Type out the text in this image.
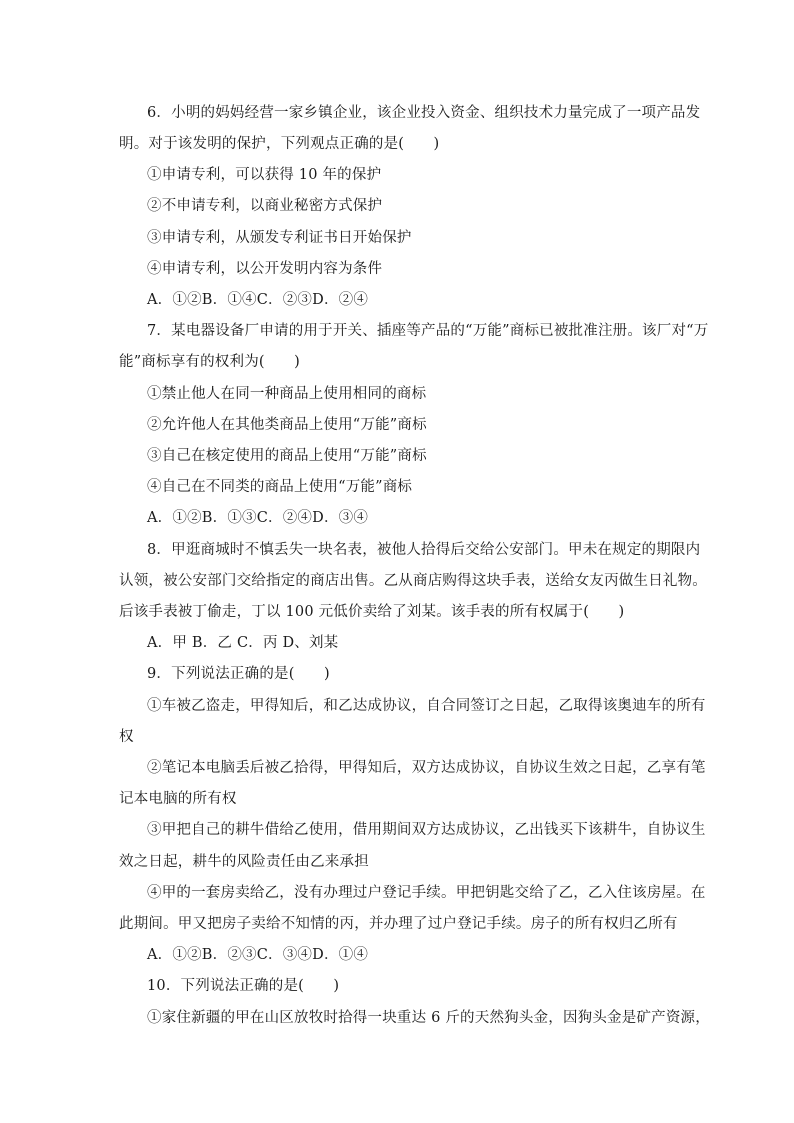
6．小明的妈妈经营一家乡镇企业，该企业投入资金、组织技术力量完成了一项产品发
明。对于该发明的保护，下列观点正确的是(　　)
①申请专利，可以获得 10 年的保护
②不申请专利，以商业秘密方式保护
③申请专利，从颁发专利证书日开始保护
④申请专利，以公开发明内容为条件
A．①②B．①④C．②③D．②④
7．某电器设备厂申请的用于开关、插座等产品的“万能”商标已被批准注册。该厂对“万
能”商标享有的权利为(　　)
①禁止他人在同一种商品上使用相同的商标
②允许他人在其他类商品上使用“万能”商标
③自己在核定使用的商品上使用“万能”商标
④自己在不同类的商品上使用“万能”商标
A．①②B．①③C．②④D．③④
8．甲逛商城时不慎丢失一块名表，被他人拾得后交给公安部门。甲未在规定的期限内
认领，被公安部门交给指定的商店出售。乙从商店购得这块手表，送给女友丙做生日礼物。
后该手表被丁偷走，丁以 100 元低价卖给了刘某。该手表的所有权属于(　　)
A．甲 B．乙 C．丙 D、刘某
9．下列说法正确的是(　　)
①车被乙盗走，甲得知后，和乙达成协议，自合同签订之日起，乙取得该奥迪车的所有
权
②笔记本电脑丢后被乙拾得，甲得知后，双方达成协议，自协议生效之日起，乙享有笔
记本电脑的所有权
③甲把自己的耕牛借给乙使用，借用期间双方达成协议，乙出钱买下该耕牛，自协议生
效之日起，耕牛的风险责任由乙来承担
④甲的一套房卖给乙，没有办理过户登记手续。甲把钥匙交给了乙，乙入住该房屋。在
此期间。甲又把房子卖给不知情的丙，并办理了过户登记手续。房子的所有权归乙所有
A．①②B．②③C．③④D．①④
10．下列说法正确的是(　　)
①家住新疆的甲在山区放牧时拾得一块重达 6 斤的天然狗头金，因狗头金是矿产资源，
